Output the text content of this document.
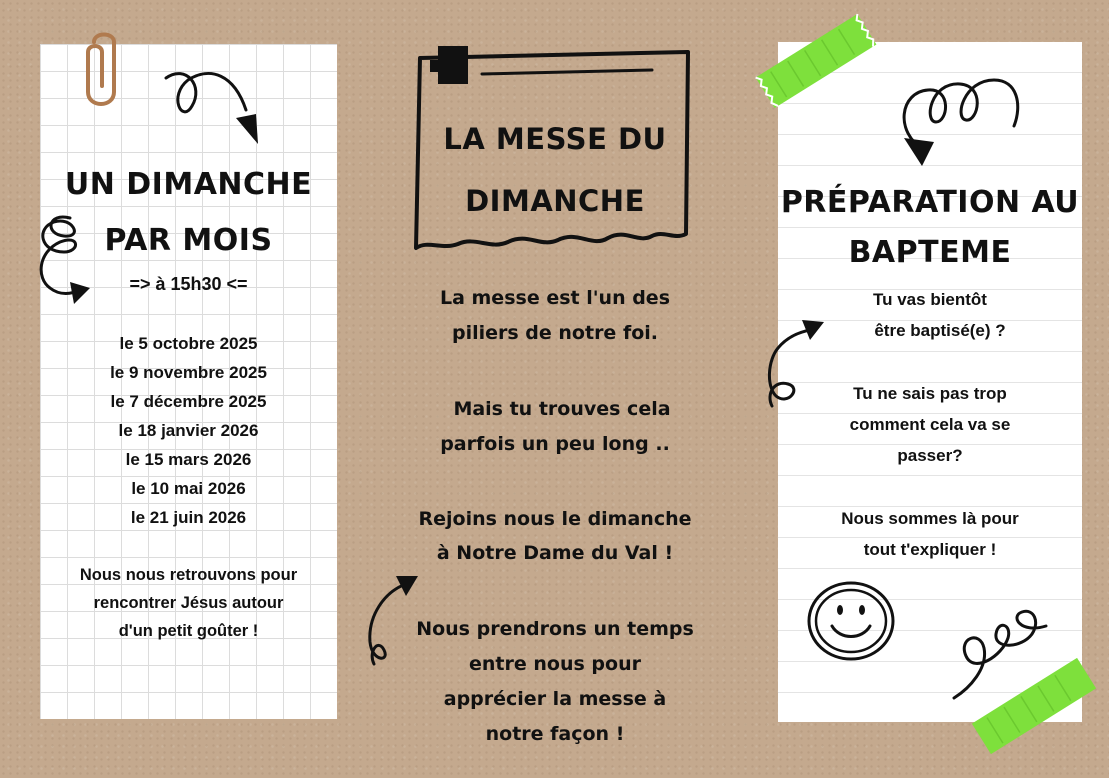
UN DIMANCHE
PAR MOIS
=> à 15h30 <=
le 5 octobre 2025
le 9 novembre 2025
le 7 décembre 2025
le 18 janvier 2026
le 15 mars 2026
le 10 mai 2026
le 21 juin 2026
Nous nous retrouvons pour
rencontrer Jésus autour
d'un petit goûter !
LA MESSE DU
DIMANCHE
La messe est l'un des
piliers de notre foi.
Mais tu trouves cela
parfois un peu long ..
Rejoins nous le dimanche
à Notre Dame du Val !
Nous prendrons un temps
entre nous pour
apprécier la messe à
notre façon !
PRÉPARATION AU
BAPTEME
Tu vas bientôt
être baptisé(e) ?
Tu ne sais pas trop
comment cela va se
passer?
Nous sommes là pour
tout t'expliquer !
